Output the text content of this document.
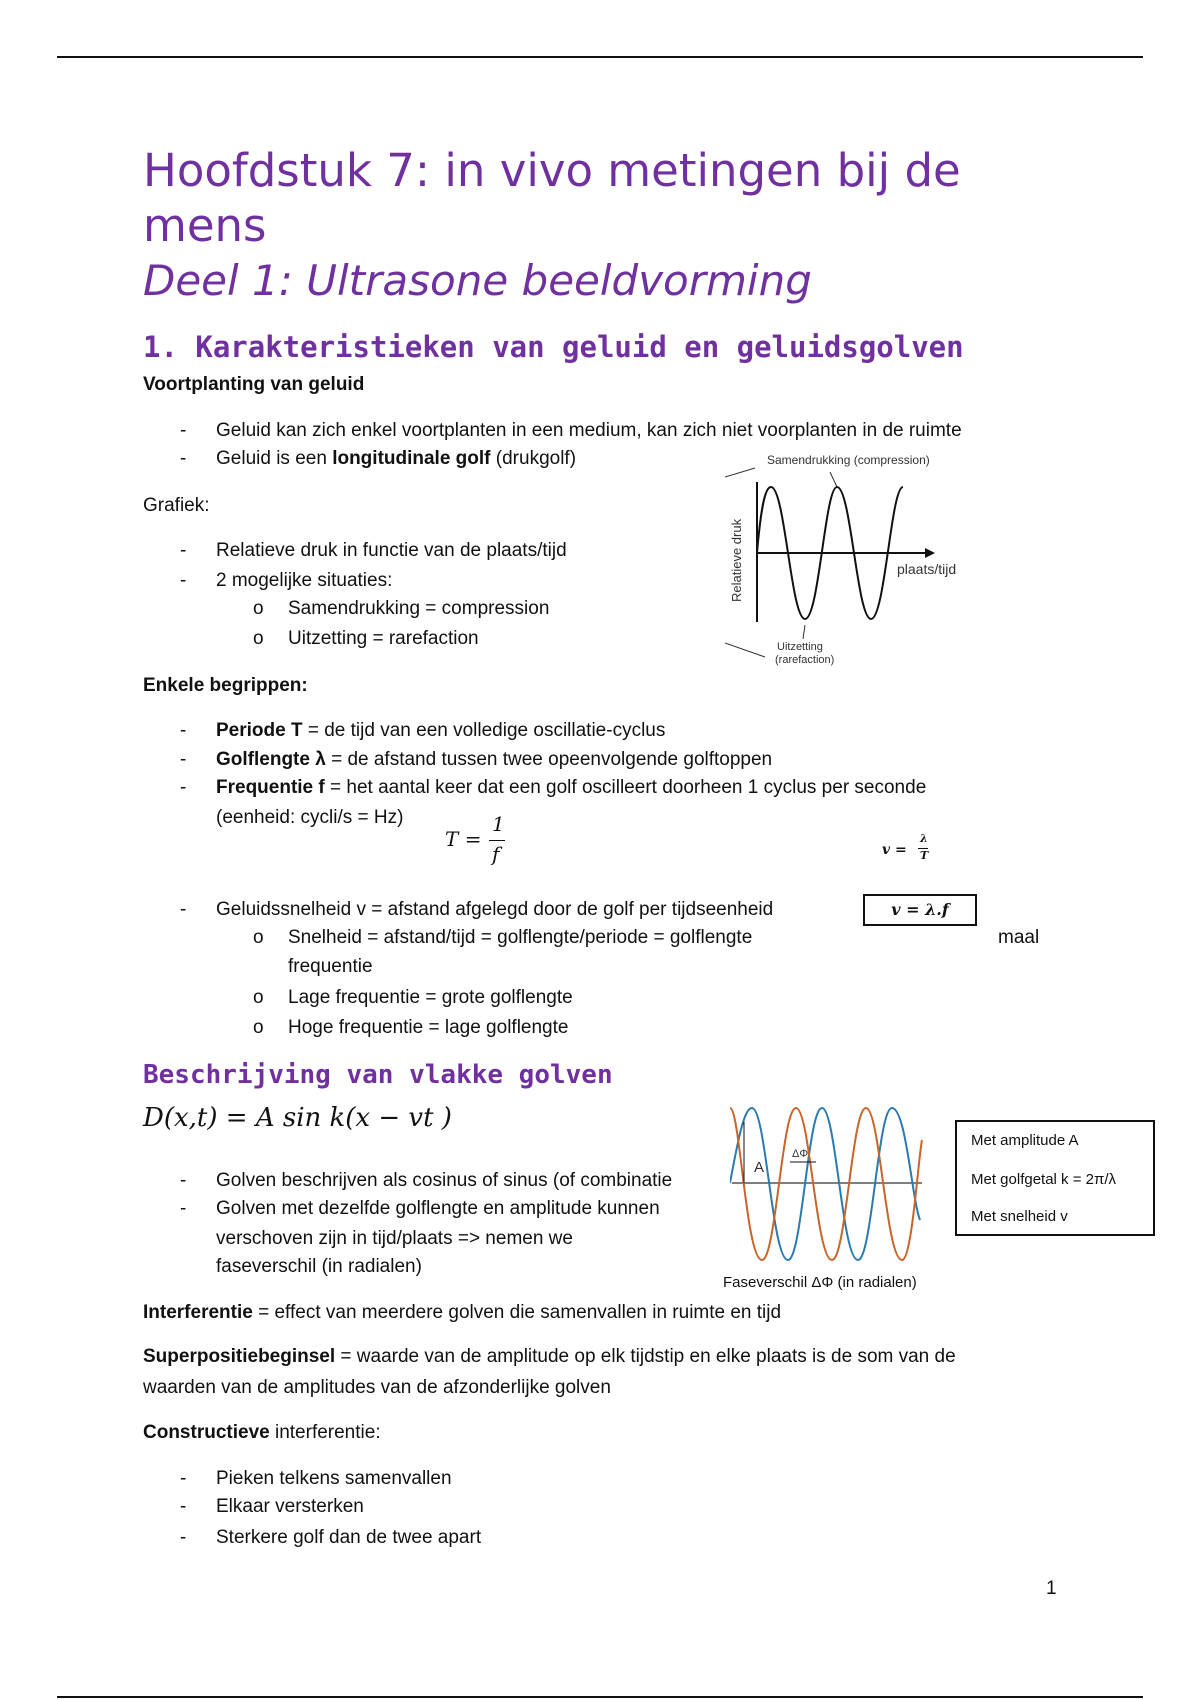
Hoofdstuk 7: in vivo metingen bij de
mens
Deel 1: Ultrasone beeldvorming
1. Karakteristieken van geluid en geluidsgolven
Voortplanting van geluid
- Geluid kan zich enkel voortplanten in een medium, kan zich niet voorplanten in de ruimte
- Geluid is een longitudinale golf (drukgolf)
Grafiek:
- Relatieve druk in functie van de plaats/tijd
- 2 mogelijke situaties:
o Samendrukking = compression
o Uitzetting = rarefaction
Samendrukking (compression)
Relatieve druk	plaats/tijd
Uitzetting
(rarefaction)
Enkele begrippen:
- Periode T = de tijd van een volledige oscillatie-cyclus
- Golflengte λ = de afstand tussen twee opeenvolgende golftoppen
- Frequentie f = het aantal keer dat een golf oscilleert doorheen 1 cyclus per seconde
(eenheid: cycli/s = Hz)
T =
1
f	v =
λ
T
- Geluidssnelheid v = afstand afgelegd door de golf per tijdseenheid	v = λ.f
o Snelheid = afstand/tijd = golflengte/periode = golflengte	maal
frequentie
o Lage frequentie = grote golflengte
o Hoge frequentie = lage golflengte
Beschrijving van vlakke golven
D(x,t) = A sin k(x − vt )
- Golven beschrijven als cosinus of sinus (of combinatie
- Golven met dezelfde golflengte en amplitude kunnen
verschoven zijn in tijd/plaats => nemen we
faseverschil (in radialen)
A
ΔΦ
Faseverschil ΔΦ (in radialen)
Met amplitude A
Met golfgetal k = 2π/λ
Met snelheid v
Interferentie = effect van meerdere golven die samenvallen in ruimte en tijd
Superpositiebeginsel = waarde van de amplitude op elk tijdstip en elke plaats is de som van de
waarden van de amplitudes van de afzonderlijke golven
Constructieve interferentie:
- Pieken telkens samenvallen
- Elkaar versterken
- Sterkere golf dan de twee apart
1
